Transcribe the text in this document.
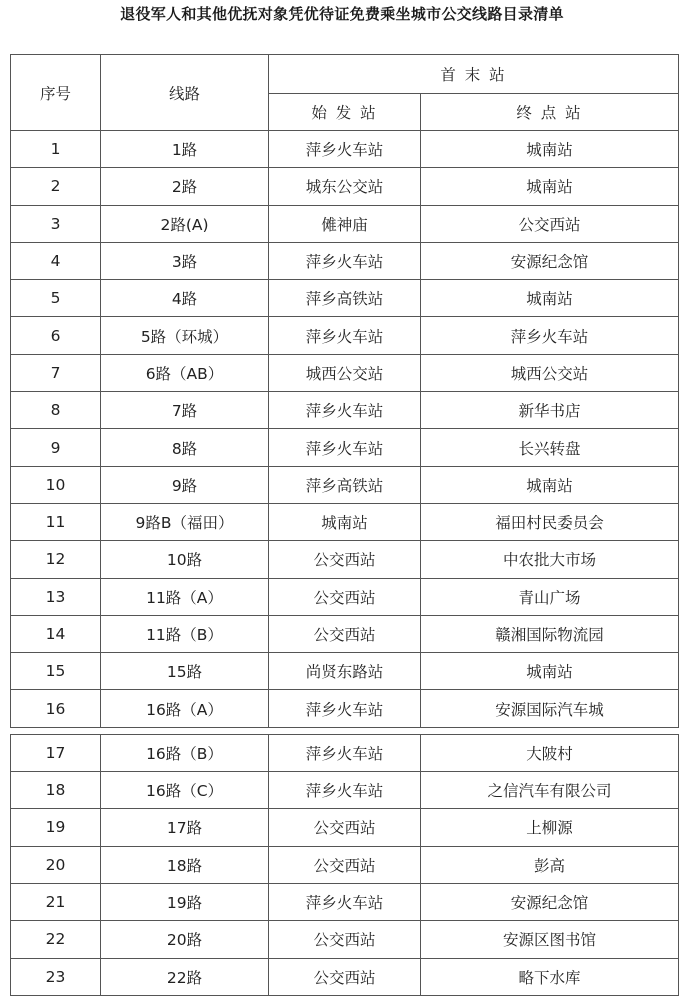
退役军人和其他优抚对象凭优待证免费乘坐城市公交线路目录清单
序号	线路	首 末 站	
		始 发 站	终 点 站
1	1路	萍乡火车站	城南站
2	2路	城东公交站	城南站
3	2路(A)	傩神庙	公交西站
4	3路	萍乡火车站	安源纪念馆
5	4路	萍乡高铁站	城南站
6	5路（环城）	萍乡火车站	萍乡火车站
7	6路（AB）	城西公交站	城西公交站
8	7路	萍乡火车站	新华书店
9	8路	萍乡火车站	长兴转盘
10	9路	萍乡高铁站	城南站
11	9路B（福田）	城南站	福田村民委员会
12	10路	公交西站	中农批大市场
13	11路（A）	公交西站	青山广场
14	11路（B）	公交西站	赣湘国际物流园
15	15路	尚贤东路站	城南站
16	16路（A）	萍乡火车站	安源国际汽车城

17	16路（B）	萍乡火车站	大陂村
18	16路（C）	萍乡火车站	之信汽车有限公司
19	17路	公交西站	上柳源
20	18路	公交西站	彭高
21	19路	萍乡火车站	安源纪念馆
22	20路	公交西站	安源区图书馆
23	22路	公交西站	略下水库
